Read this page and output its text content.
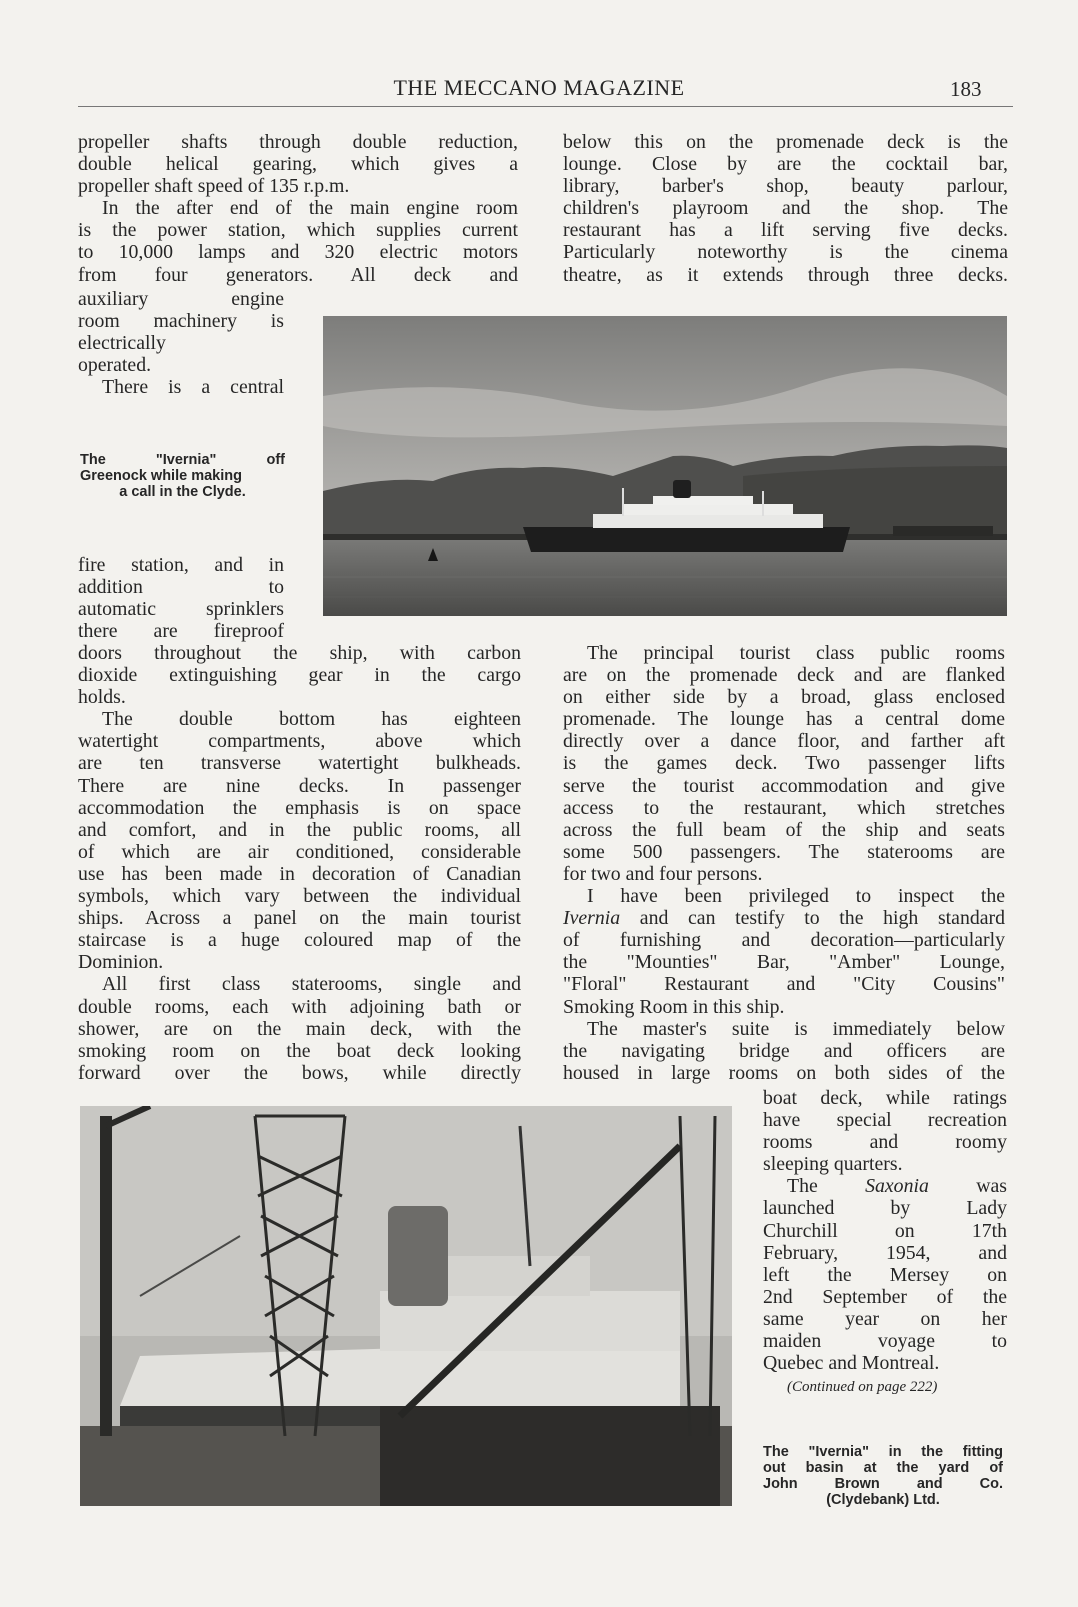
THE MECCANO MAGAZINE	183

propeller shafts through double reduction,

double helical gearing, which gives a

propeller shaft speed of 135 r.p.m.

In the after end of the main engine room

is the power station, which supplies current

to 10,000 lamps and 320 electric motors

from four generators. All deck and

auxiliary engine

room machinery is

electrically

operated.

There is a central

The "Ivernia" off
Greenock while making
a call in the Clyde.

fire station, and in

addition to

automatic sprinklers

there are fireproof

doors throughout the ship, with carbon

dioxide extinguishing gear in the cargo

holds.

The double bottom has eighteen

watertight compartments, above which

are ten transverse watertight bulkheads.

There are nine decks. In passenger

accommodation the emphasis is on space

and comfort, and in the public rooms, all

of which are air conditioned, considerable

use has been made in decoration of Canadian

symbols, which vary between the individual

ships. Across a panel on the main tourist

staircase is a huge coloured map of the

Dominion.

All first class staterooms, single and

double rooms, each with adjoining bath or

shower, are on the main deck, with the

smoking room on the boat deck looking

forward over the bows, while directly

below this on the promenade deck is the

lounge. Close by are the cocktail bar,

library, barber's shop, beauty parlour,

children's playroom and the shop. The

restaurant has a lift serving five decks.

Particularly noteworthy is the cinema

theatre, as it extends through three decks.

The principal tourist class public rooms

are on the promenade deck and are flanked

on either side by a broad, glass enclosed

promenade. The lounge has a central dome

directly over a dance floor, and farther aft

is the games deck. Two passenger lifts

serve the tourist accommodation and give

access to the restaurant, which stretches

across the full beam of the ship and seats

some 500 passengers. The staterooms are

for two and four persons.

I have been privileged to inspect the

Ivernia and can testify to the high standard

of furnishing and decoration—particularly

the "Mounties" Bar, "Amber" Lounge,

"Floral" Restaurant and "City Cousins"

Smoking Room in this ship.

The master's suite is immediately below

the navigating bridge and officers are

housed in large rooms on both sides of the

boat deck, while ratings

have special recreation

rooms and roomy

sleeping quarters.

The Saxonia was

launched by Lady

Churchill on 17th

February, 1954, and

left the Mersey on

2nd September of the

same year on her

maiden voyage to

Quebec and Montreal.

(Continued on page 222)
The "Ivernia" in the fitting
out basin at the yard of
John Brown and Co.
(Clydebank) Ltd.
